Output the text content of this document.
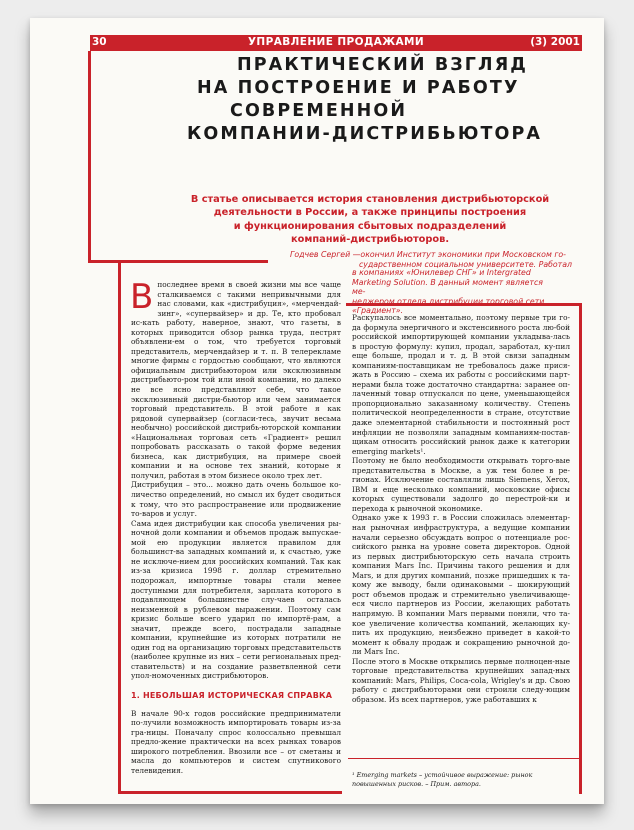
30	УПРАВЛЕНИЕ ПРОДАЖАМИ	(3) 2001
ПРАКТИЧЕСКИЙ ВЗГЛЯД
НА ПОСТРОЕНИЕ И РАБОТУ
СОВРЕМЕННОЙ
КОМПАНИИ-ДИСТРИБЬЮТОРА
В статье описывается история становления дистрибьюторской
деятельности в России, а также принципы построения
и функционирования сбытовых подразделений
компаний-дистрибьюторов.
Годчев Сергей —окончил Институт экономики при Московском го-
сударственном социальном университете. Работал
в компаниях «Юнилевер СНГ» и Intergrated
Marketing Solution. В данный момент является ме-
неджером отдела дистрибуции торговой сети
«Градиент».

Впоследнее время в своей жизни мы все чаще сталкиваемся с такими непривычными для нас словами, как «дистрибуция», «мерчендай-зинг», «супервайзер» и др. Те, кто пробовал ис-кать работу, наверное, знают, что газеты, в которых приводится обзор рынка труда, пестрят объявлени-ем о том, что требуется торговый представитель, мерчендайзер и т. п. В телерекламе многие фирмы с гордостью сообщают, что являются официальным дистрибьютором или эксклюзивным дистрибьюто-ром той или иной компании, но далеко не все ясно представляют себе, что такое эксклюзивный дистри-бьютор или чем занимается торговый представитель. В этой работе я как рядовой супервайзер (согласи-тесь, звучит весьма необычно) российской дистрибь-юторской компании «Национальная торговая сеть «Градиент» решил попробовать рассказать о такой форме ведения бизнеса, как дистрибуция, на примере своей компании и на основе тех знаний, которые я получил, работая в этом бизнесе около трех лет.

Дистрибуция – это... можно дать очень большое ко-личество определений, но смысл их будет сводиться к тому, что это распространение или продвижение то-варов и услуг.

Сама идея дистрибуции как способа увеличения ры-ночной доли компании и объемов продаж выпускае-мой ею продукции является правилом для большинст-ва западных компаний и, к счастью, уже не исключе-нием для российских компаний. Так как из-за кризиса 1998 г. доллар стремительно подорожал, импортные товары стали менее доступными для потребителя, зарплата которого в подавляющем большинстве слу-чаев осталась неизменной в рублевом выражении. Поэтому сам кризис больше всего ударил по импортё-рам, а значит, прежде всего, пострадали западные компании, крупнейшие из которых потратили не один год на организацию торговых представительств (наиболее крупные из них – сети региональных пред-ставительств) и на создание разветвленной сети упол-номоченных дистрибьюторов.

1. НЕБОЛЬШАЯ ИСТОРИЧЕСКАЯ СПРАВКА

В начале 90-х годов российские предприниматели по-лучили возможность импортировать товары из-за гра-ницы. Поначалу спрос колоссально превышал предло-жение практически на всех рынках товаров широкого потребления. Ввозили все – от сметаны и масла до компьютеров и систем спутникового телевидения.

Раскупалось все моментально, поэтому первые три го-да формула энергичного и экстенсивного роста лю-бой российской импортирующей компании укладыва-лась в простую формулу: купил, продал, заработал, ку-пил еще больше, продал и т. д. В этой связи западным компаниям-поставщикам не требовалось даже прися-жать в Россию – схема их работы с российскими парт-нерами была тоже достаточно стандартна: заранее оп-лаченный товар отпускался по цене, уменьшающейся пропорционально заказанному количеству. Степень политической неопределенности в стране, отсутствие даже элементарной стабильности и постоянный рост инфляции не позволяли западным компаниям-постав-щикам относить российский рынок даже к категории emerging markets¹.

Поэтому не было необходимости открывать торго-вые представительства в Москве, а уж тем более в ре-гионах. Исключение составляли лишь Siemens, Xerox, IBM и еще несколько компаний, московские офисы которых существовали задолго до перестрой-ки и перехода к рыночной экономике.

Однако уже к 1993 г. в России сложилась элементар-ная рыночная инфраструктура, а ведущие компании начали серьезно обсуждать вопрос о потенциале рос-сийского рынка на уровне совета директоров. Одной из первых дистрибьюторскую сеть начала строить компания Mars Inc. Причины такого решения и для Mars, и для других компаний, позже пришедших к та-кому же выводу, были одинаковыми – шокирующий рост объемов продаж и стремительно увеличивающе-еся число партнеров из России, желающих работать напрямую. В компании Mars первыми поняли, что та-кое увеличение количества компаний, желающих ку-пить их продукцию, неизбежно приведет в какой-то момент к обвалу продаж и сокращению рыночной до-ли Mars Inc.

После этого в Москве открылись первые полноцен-ные торговые представительства крупнейших запад-ных компаний: Mars, Philips, Coca-cola, Wrigley's и др. Свою работу с дистрибьюторами они строили следу-ющим образом. Из всех партнеров, уже работавших к

¹ Emerging markets – устойчивое выражение: рынок повышенных рисков. – Прим. автора.
